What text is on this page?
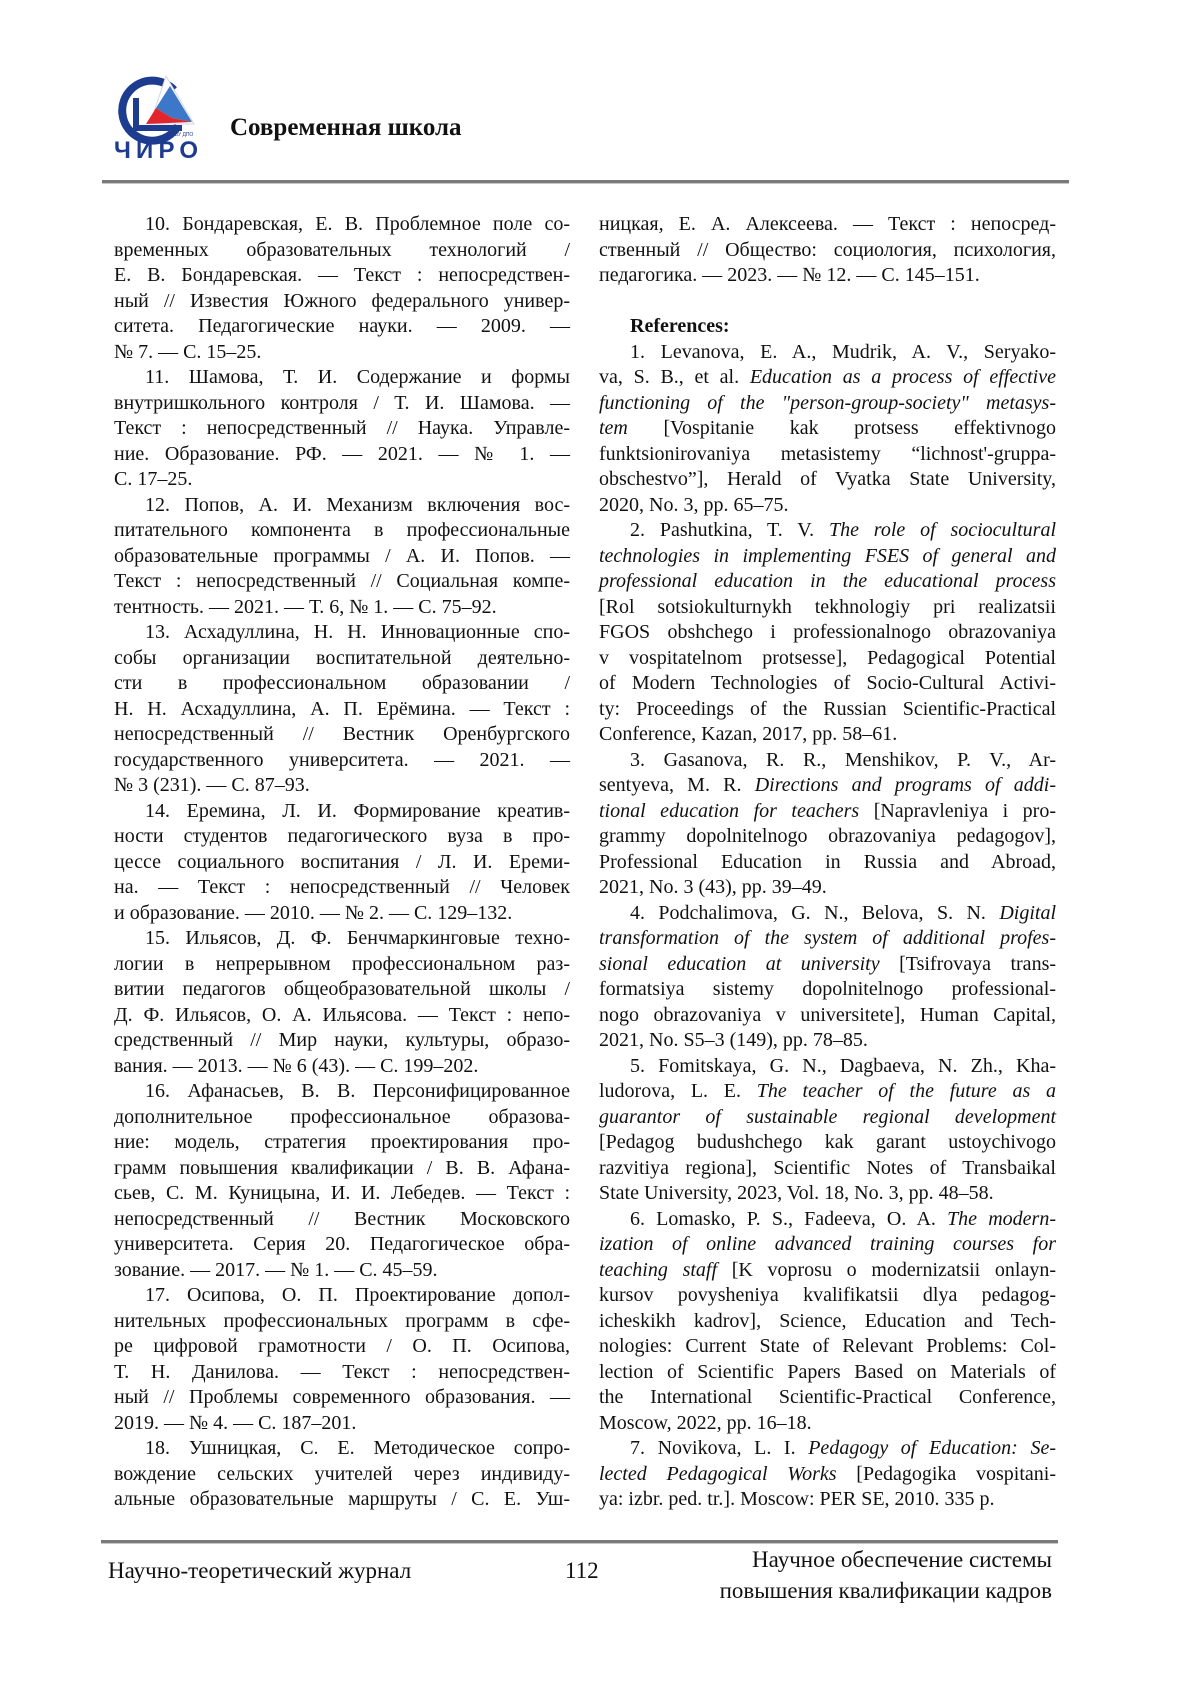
ГБУ ДПО
ЧИРО
Современная школа
10. Бондаревская, Е. В. Проблемное поле со-
временных образовательных технологий /
Е. В. Бондаревская. — Текст : непосредствен-
ный // Известия Южного федерального универ-
ситета. Педагогические науки. — 2009. —
№ 7. — С. 15–25.
11. Шамова, Т. И. Содержание и формы
внутришкольного контроля / Т. И. Шамова. —
Текст : непосредственный // Наука. Управле-
ние. Образование. РФ. — 2021. — № 1. —
С. 17–25.
12. Попов, А. И. Механизм включения вос-
питательного компонента в профессиональные
образовательные программы / А. И. Попов. —
Текст : непосредственный // Социальная компе-
тентность. — 2021. — Т. 6, № 1. — С. 75–92.
13. Асхадуллина, Н. Н. Инновационные спо-
собы организации воспитательной деятельно-
сти в профессиональном образовании /
Н. Н. Асхадуллина, А. П. Ерёмина. — Текст :
непосредственный // Вестник Оренбургского
государственного университета. — 2021. —
№ 3 (231). — С. 87–93.
14. Еремина, Л. И. Формирование креатив-
ности студентов педагогического вуза в про-
цессе социального воспитания / Л. И. Ереми-
на. — Текст : непосредственный // Человек
и образование. — 2010. — № 2. — С. 129–132.
15. Ильясов, Д. Ф. Бенчмаркинговые техно-
логии в непрерывном профессиональном раз-
витии педагогов общеобразовательной школы /
Д. Ф. Ильясов, О. А. Ильясова. — Текст : непо-
средственный // Мир науки, культуры, образо-
вания. — 2013. — № 6 (43). — С. 199–202.
16. Афанасьев, В. В. Персонифицированное
дополнительное профессиональное образова-
ние: модель, стратегия проектирования про-
грамм повышения квалификации / В. В. Афана-
сьев, С. М. Куницына, И. И. Лебедев. — Текст :
непосредственный // Вестник Московского
университета. Серия 20. Педагогическое обра-
зование. — 2017. — № 1. — С. 45–59.
17. Осипова, О. П. Проектирование допол-
нительных профессиональных программ в сфе-
ре цифровой грамотности / О. П. Осипова,
Т. Н. Данилова. — Текст : непосредствен-
ный // Проблемы современного образования. —
2019. — № 4. — С. 187–201.
18. Ушницкая, С. Е. Методическое сопро-
вождение сельских учителей через индивиду-
альные образовательные маршруты / С. Е. Уш-
ницкая, Е. А. Алексеева. — Текст : непосред-
ственный // Общество: социология, психология,
педагогика. — 2023. — № 12. — С. 145–151.
References:
1. Levanova, E. A., Mudrik, A. V., Seryako-
va, S. B., et al. Education as a process of effective
functioning of the "person-group-society" metasys-
tem [Vospitanie kak protsess effektivnogo
funktsionirovaniya metasistemy “lichnost'-gruppa-
obschestvo”], Herald of Vyatka State University,
2020, No. 3, pp. 65–75.
2. Pashutkina, T. V. The role of sociocultural
technologies in implementing FSES of general and
professional education in the educational process
[Rol sotsiokulturnykh tekhnologiy pri realizatsii
FGOS obshchego i professionalnogo obrazovaniya
v vospitatelnom protsesse], Pedagogical Potential
of Modern Technologies of Socio-Cultural Activi-
ty: Proceedings of the Russian Scientific-Practical
Conference, Kazan, 2017, pp. 58–61.
3. Gasanova, R. R., Menshikov, P. V., Ar-
sentyeva, M. R. Directions and programs of addi-
tional education for teachers [Napravleniya i pro-
grammy dopolnitelnogo obrazovaniya pedagogov],
Professional Education in Russia and Abroad,
2021, No. 3 (43), pp. 39–49.
4. Podchalimova, G. N., Belova, S. N. Digital
transformation of the system of additional profes-
sional education at university [Tsifrovaya trans-
formatsiya sistemy dopolnitelnogo professional-
nogo obrazovaniya v universitete], Human Capital,
2021, No. S5–3 (149), pp. 78–85.
5. Fomitskaya, G. N., Dagbaeva, N. Zh., Kha-
ludorova, L. E. The teacher of the future as a
guarantor of sustainable regional development
[Pedagog budushchego kak garant ustoychivogo
razvitiya regiona], Scientific Notes of Transbaikal
State University, 2023, Vol. 18, No. 3, pp. 48–58.
6. Lomasko, P. S., Fadeeva, O. A. The modern-
ization of online advanced training courses for
teaching staff [K voprosu o modernizatsii onlayn-
kursov povysheniya kvalifikatsii dlya pedagog-
icheskikh kadrov], Science, Education and Tech-
nologies: Current State of Relevant Problems: Col-
lection of Scientific Papers Based on Materials of
the International Scientific-Practical Conference,
Moscow, 2022, pp. 16–18.
7. Novikova, L. I. Pedagogy of Education: Se-
lected Pedagogical Works [Pedagogika vospitani-
ya: izbr. ped. tr.]. Moscow: PER SE, 2010. 335 p.
Научно-теоретический журнал	112	Научное обеспечение системы
повышения квалификации кадров
